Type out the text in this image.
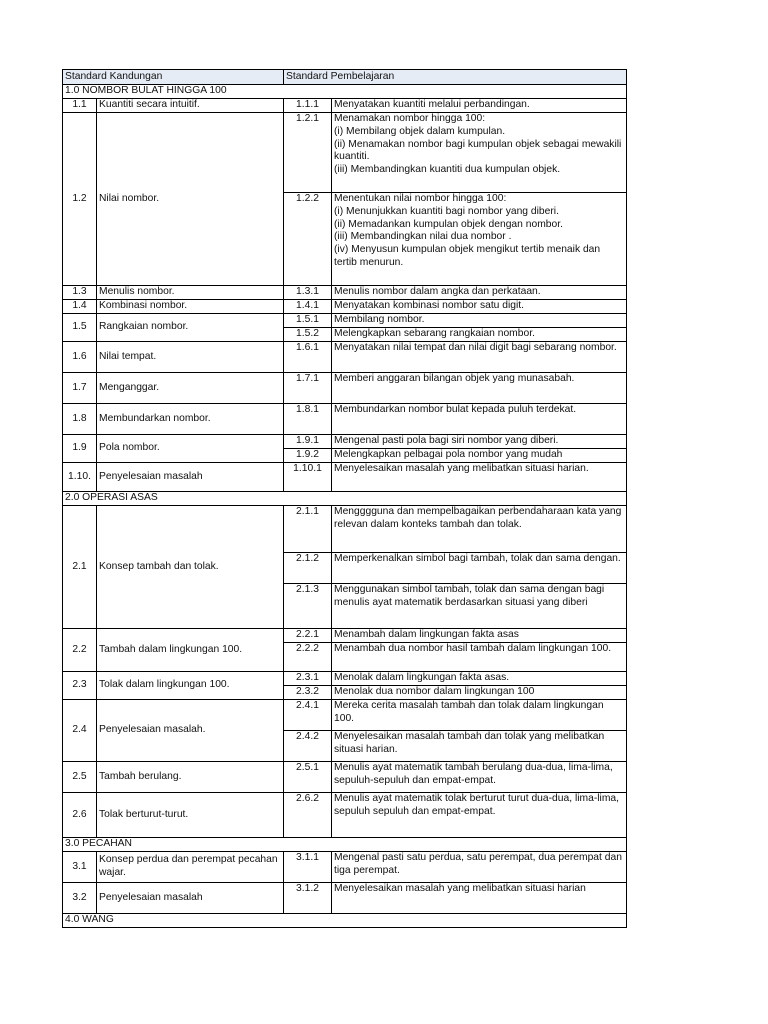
Standard Kandungan		Standard Pembelajaran	
1.0 NOMBOR BULAT HINGGA 100			
1.1	Kuantiti secara intuitif.	1.1.1	Menyatakan kuantiti melalui perbandingan.
1.2	Nilai nombor.	1.2.1	Menamakan nombor hingga 100:
(i) Membilang objek dalam kumpulan.
(ii) Menamakan nombor bagi kumpulan objek sebagai mewakili kuantiti.
(iii) Membandingkan kuantiti dua kumpulan objek.
		1.2.2	Menentukan nilai nombor hingga 100:
(i) Menunjukkan kuantiti bagi nombor yang diberi.
(ii) Memadankan kumpulan objek dengan nombor.
(iii) Membandingkan nilai dua nombor .
(iv) Menyusun kumpulan objek mengikut tertib menaik dan tertib menurun.
1.3	Menulis nombor.	1.3.1	Menulis nombor dalam angka dan perkataan.
1.4	Kombinasi nombor.	1.4.1	Menyatakan kombinasi nombor satu digit.
1.5	Rangkaian nombor.	1.5.1	Membilang nombor.
		1.5.2	Melengkapkan sebarang rangkaian nombor.
1.6	Nilai tempat.	1.6.1	Menyatakan nilai tempat dan nilai digit bagi sebarang nombor.
1.7	Menganggar.	1.7.1	Memberi anggaran bilangan objek yang munasabah.
1.8	Membundarkan nombor.	1.8.1	Membundarkan nombor bulat kepada puluh terdekat.
1.9	Pola nombor.	1.9.1	Mengenal pasti pola bagi siri nombor yang diberi.
		1.9.2	Melengkapkan pelbagai pola nombor yang mudah
1.10.	Penyelesaian masalah	1.10.1	Menyelesaikan masalah yang melibatkan situasi harian.
2.0 OPERASI ASAS			
2.1	Konsep tambah dan tolak.	2.1.1	Mengggguna dan mempelbagaikan perbendaharaan kata yang relevan dalam konteks tambah dan tolak.
		2.1.2	Memperkenalkan simbol bagi tambah, tolak dan sama dengan.
		2.1.3	Menggunakan simbol tambah, tolak dan sama dengan bagi menulis ayat matematik berdasarkan situasi yang diberi
2.2	Tambah dalam lingkungan 100.	2.2.1	Menambah dalam lingkungan fakta asas
		2.2.2	Menambah dua nombor hasil tambah dalam lingkungan 100.
2.3	Tolak dalam lingkungan 100.	2.3.1	Menolak dalam lingkungan fakta asas.
		2.3.2	Menolak dua nombor dalam lingkungan 100
2.4	Penyelesaian masalah.	2.4.1	Mereka cerita masalah tambah dan tolak dalam lingkungan 100.
		2.4.2	Menyelesaikan masalah tambah dan tolak yang melibatkan situasi harian.
2.5	Tambah berulang.	2.5.1	Menulis ayat matematik tambah berulang dua-dua, lima-lima, sepuluh-sepuluh dan empat-empat.
2.6	Tolak berturut-turut.	2.6.2	Menulis ayat matematik tolak berturut turut dua-dua, lima-lima, sepuluh sepuluh dan empat-empat.
3.0 PECAHAN			
3.1	Konsep perdua dan perempat pecahan wajar.	3.1.1	Mengenal pasti satu perdua, satu perempat, dua perempat dan tiga perempat.
3.2	Penyelesaian masalah	3.1.2	Menyelesaikan masalah yang melibatkan situasi harian
4.0 WANG			
